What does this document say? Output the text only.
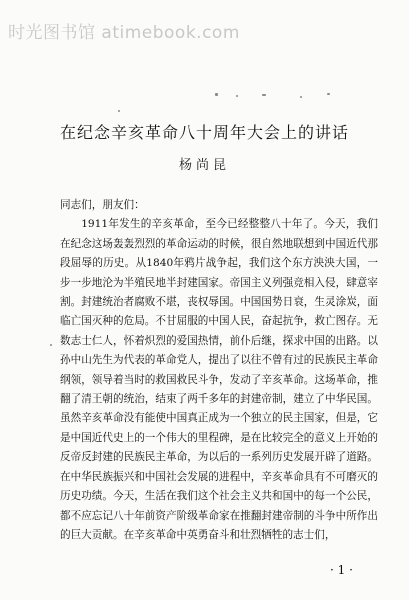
时光图书馆 atimebook.com
在纪念辛亥革命八十周年大会上的讲话
杨尚昆
同志们，朋友们：
1911年发生的辛亥革命，至今已经整整八十年了。今天，我们在纪念这场轰轰烈烈的革命运动的时候，很自然地联想到中国近代那段屈辱的历史。从1840年鸦片战争起，我们这个东方泱泱大国，一步一步地沦为半殖民地半封建国家。帝国主义列强竞相入侵，肆意宰割。封建统治者腐败不堪，丧权辱国。中国国势日衰，生灵涂炭，面临亡国灭种的危局。不甘屈服的中国人民，奋起抗争，救亡图存。无数志士仁人，怀着炽烈的爱国热情，前仆后继，探求中国的出路。以孙中山先生为代表的革命党人，提出了以往不曾有过的民族民主革命纲领，领导着当时的救国救民斗争，发动了辛亥革命。这场革命，推翻了清王朝的统治，结束了两千多年的封建帝制，建立了中华民国。虽然辛亥革命没有能使中国真正成为一个独立的民主国家，但是，它是中国近代史上的一个伟大的里程碑，是在比较完全的意义上开始的反帝反封建的民族民主革命，为以后的一系列历史发展开辟了道路。在中华民族振兴和中国社会发展的进程中，辛亥革命具有不可磨灭的历史功绩。今天，生活在我们这个社会主义共和国中的每一个公民，都不应忘记八十年前资产阶级革命家在推翻封建帝制的斗争中所作出的巨大贡献。在辛亥革命中英勇奋斗和壮烈牺牲的志士们，
· 1 ·
